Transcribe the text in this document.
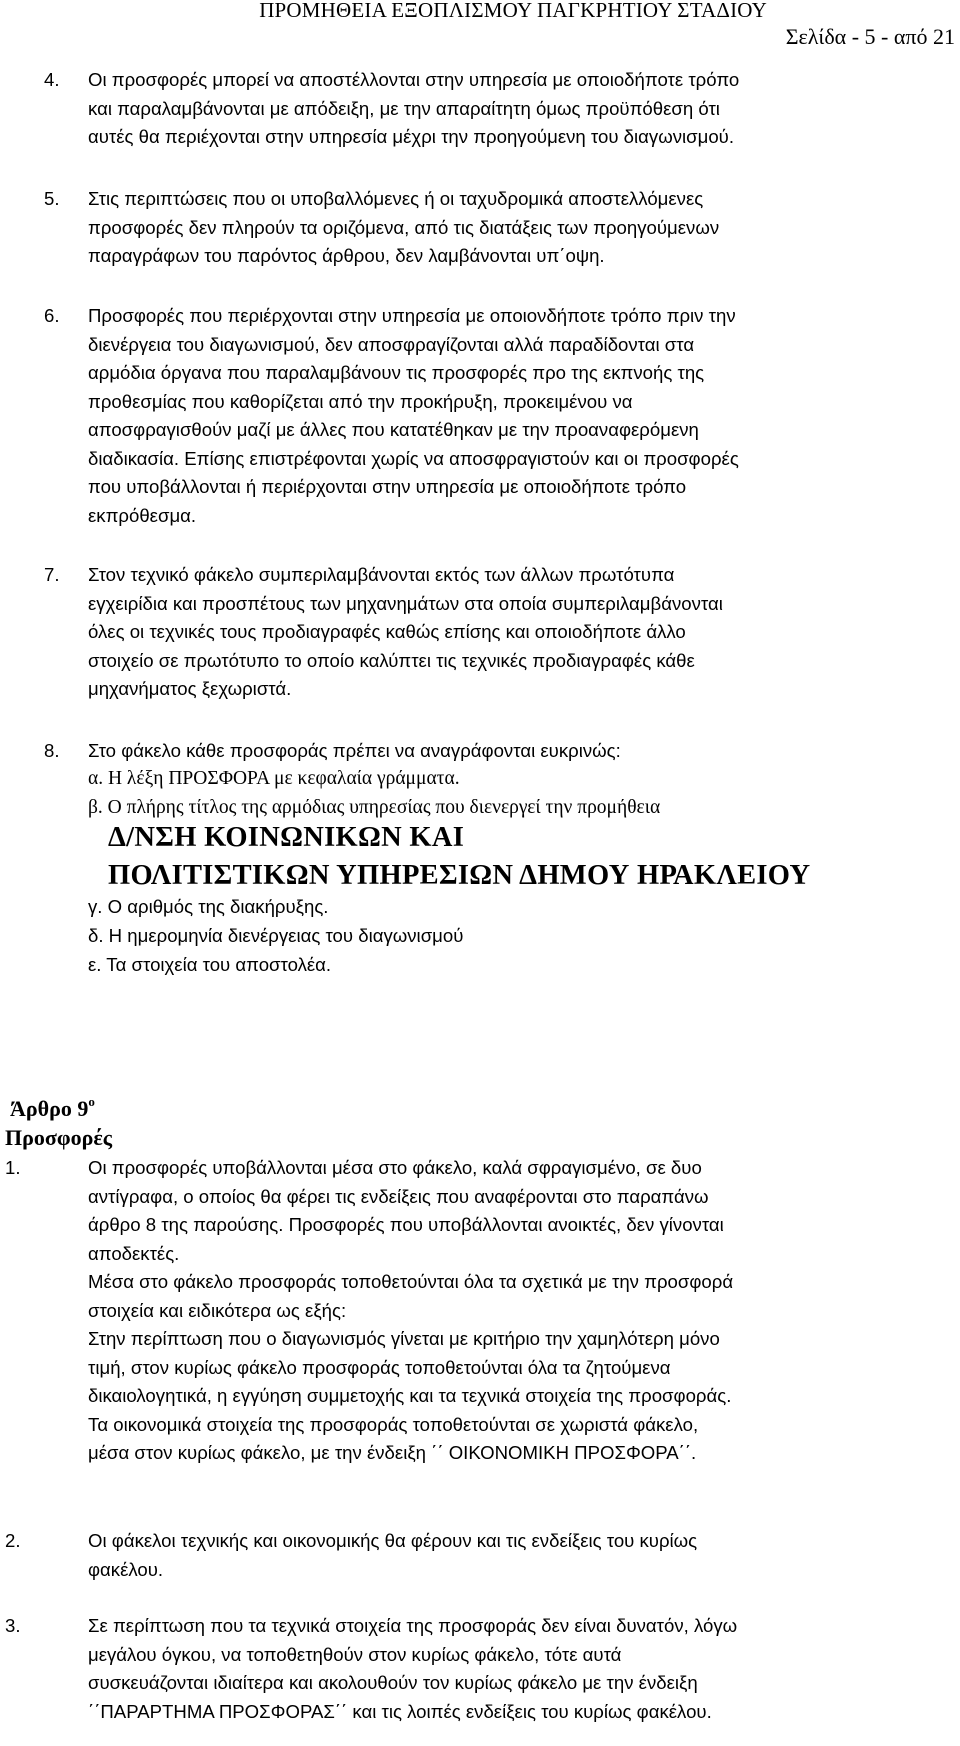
ΠΡΟΜΗΘΕΙΑ ΕΞΟΠΛΙΣΜΟΥ ΠΑΓΚΡΗΤΙΟΥ ΣΤΑΔΙΟΥ
Σελίδα - 5 - από 21
4. Οι προσφορές μπορεί να αποστέλλονται στην υπηρεσία με οποιοδήποτε τρόπο
και παραλαμβάνονται με απόδειξη, με την απαραίτητη όμως προϋπόθεση ότι
αυτές θα περιέχονται στην υπηρεσία μέχρι την προηγούμενη του διαγωνισμού.
5. Στις περιπτώσεις που οι υποβαλλόμενες ή οι ταχυδρομικά αποστελλόμενες
προσφορές δεν πληρούν τα οριζόμενα, από τις διατάξεις των προηγούμενων
παραγράφων του παρόντος άρθρου, δεν λαμβάνονται υπ΄οψη.
6. Προσφορές που περιέρχονται στην υπηρεσία με οποιονδήποτε τρόπο πριν την
διενέργεια του διαγωνισμού, δεν αποσφραγίζονται αλλά παραδίδονται στα
αρμόδια όργανα που παραλαμβάνουν τις προσφορές προ της εκπνοής της
προθεσμίας που καθορίζεται από την προκήρυξη, προκειμένου να
αποσφραγισθούν μαζί με άλλες που κατατέθηκαν με την προαναφερόμενη
διαδικασία. Επίσης επιστρέφονται χωρίς να αποσφραγιστούν και οι προσφορές
που υποβάλλονται ή περιέρχονται στην υπηρεσία με οποιοδήποτε τρόπο
εκπρόθεσμα.
7. Στον τεχνικό φάκελο συμπεριλαμβάνονται εκτός των άλλων πρωτότυπα
εγχειρίδια και προσπέτους των μηχανημάτων στα οποία συμπεριλαμβάνονται
όλες οι τεχνικές τους προδιαγραφές καθώς επίσης και οποιοδήποτε άλλο
στοιχείο σε πρωτότυπο το οποίο καλύπτει τις τεχνικές προδιαγραφές κάθε
μηχανήματος ξεχωριστά.
8. Στο φάκελο κάθε προσφοράς πρέπει να αναγράφονται ευκρινώς:
α. Η λέξη ΠΡΟΣΦΟΡΑ με κεφαλαία γράμματα.
β. Ο πλήρης τίτλος της αρμόδιας υπηρεσίας που διενεργεί την προμήθεια
Δ/ΝΣΗ ΚΟΙΝΩΝΙΚΩΝ ΚΑΙ
ΠΟΛΙΤΙΣΤΙΚΩΝ ΥΠΗΡΕΣΙΩΝ ΔΗΜΟΥ ΗΡΑΚΛΕΙΟΥ
γ. Ο αριθμός της διακήρυξης.
δ. Η ημερομηνία διενέργειας του διαγωνισμού
ε. Τα στοιχεία του αποστολέα.
Άρθρο $9^o$
Προσφορές
1.	Οι προσφορές υποβάλλονται μέσα στο φάκελο, καλά σφραγισμένο, σε δυο
αντίγραφα, ο οποίος θα φέρει τις ενδείξεις που αναφέρονται στο παραπάνω
άρθρο 8 της παρούσης. Προσφορές που υποβάλλονται ανοικτές, δεν γίνονται
αποδεκτές.
Μέσα στο φάκελο προσφοράς τοποθετούνται όλα τα σχετικά με την προσφορά
στοιχεία και ειδικότερα ως εξής:
Στην περίπτωση που ο διαγωνισμός γίνεται με κριτήριο την χαμηλότερη μόνο
τιμή, στον κυρίως φάκελο προσφοράς τοποθετούνται όλα τα ζητούμενα
δικαιολογητικά, η εγγύηση συμμετοχής και τα τεχνικά στοιχεία της προσφοράς.
Τα οικονομικά στοιχεία της προσφοράς τοποθετούνται σε χωριστά φάκελο,
μέσα στον κυρίως φάκελο, με την ένδειξη ΄΄ ΟΙΚΟΝΟΜΙΚΗ ΠΡΟΣΦΟΡΑ΄΄.
2.	Οι φάκελοι τεχνικής και οικονομικής θα φέρουν και τις ενδείξεις του κυρίως
φακέλου.
3.	Σε περίπτωση που τα τεχνικά στοιχεία της προσφοράς δεν είναι δυνατόν, λόγω
μεγάλου όγκου, να τοποθετηθούν στον κυρίως φάκελο, τότε αυτά
συσκευάζονται ιδιαίτερα και ακολουθούν τον κυρίως φάκελο με την ένδειξη
΄΄ΠΑΡΑΡΤΗΜΑ ΠΡΟΣΦΟΡΑΣ΄΄ και τις λοιπές ενδείξεις του κυρίως φακέλου.
